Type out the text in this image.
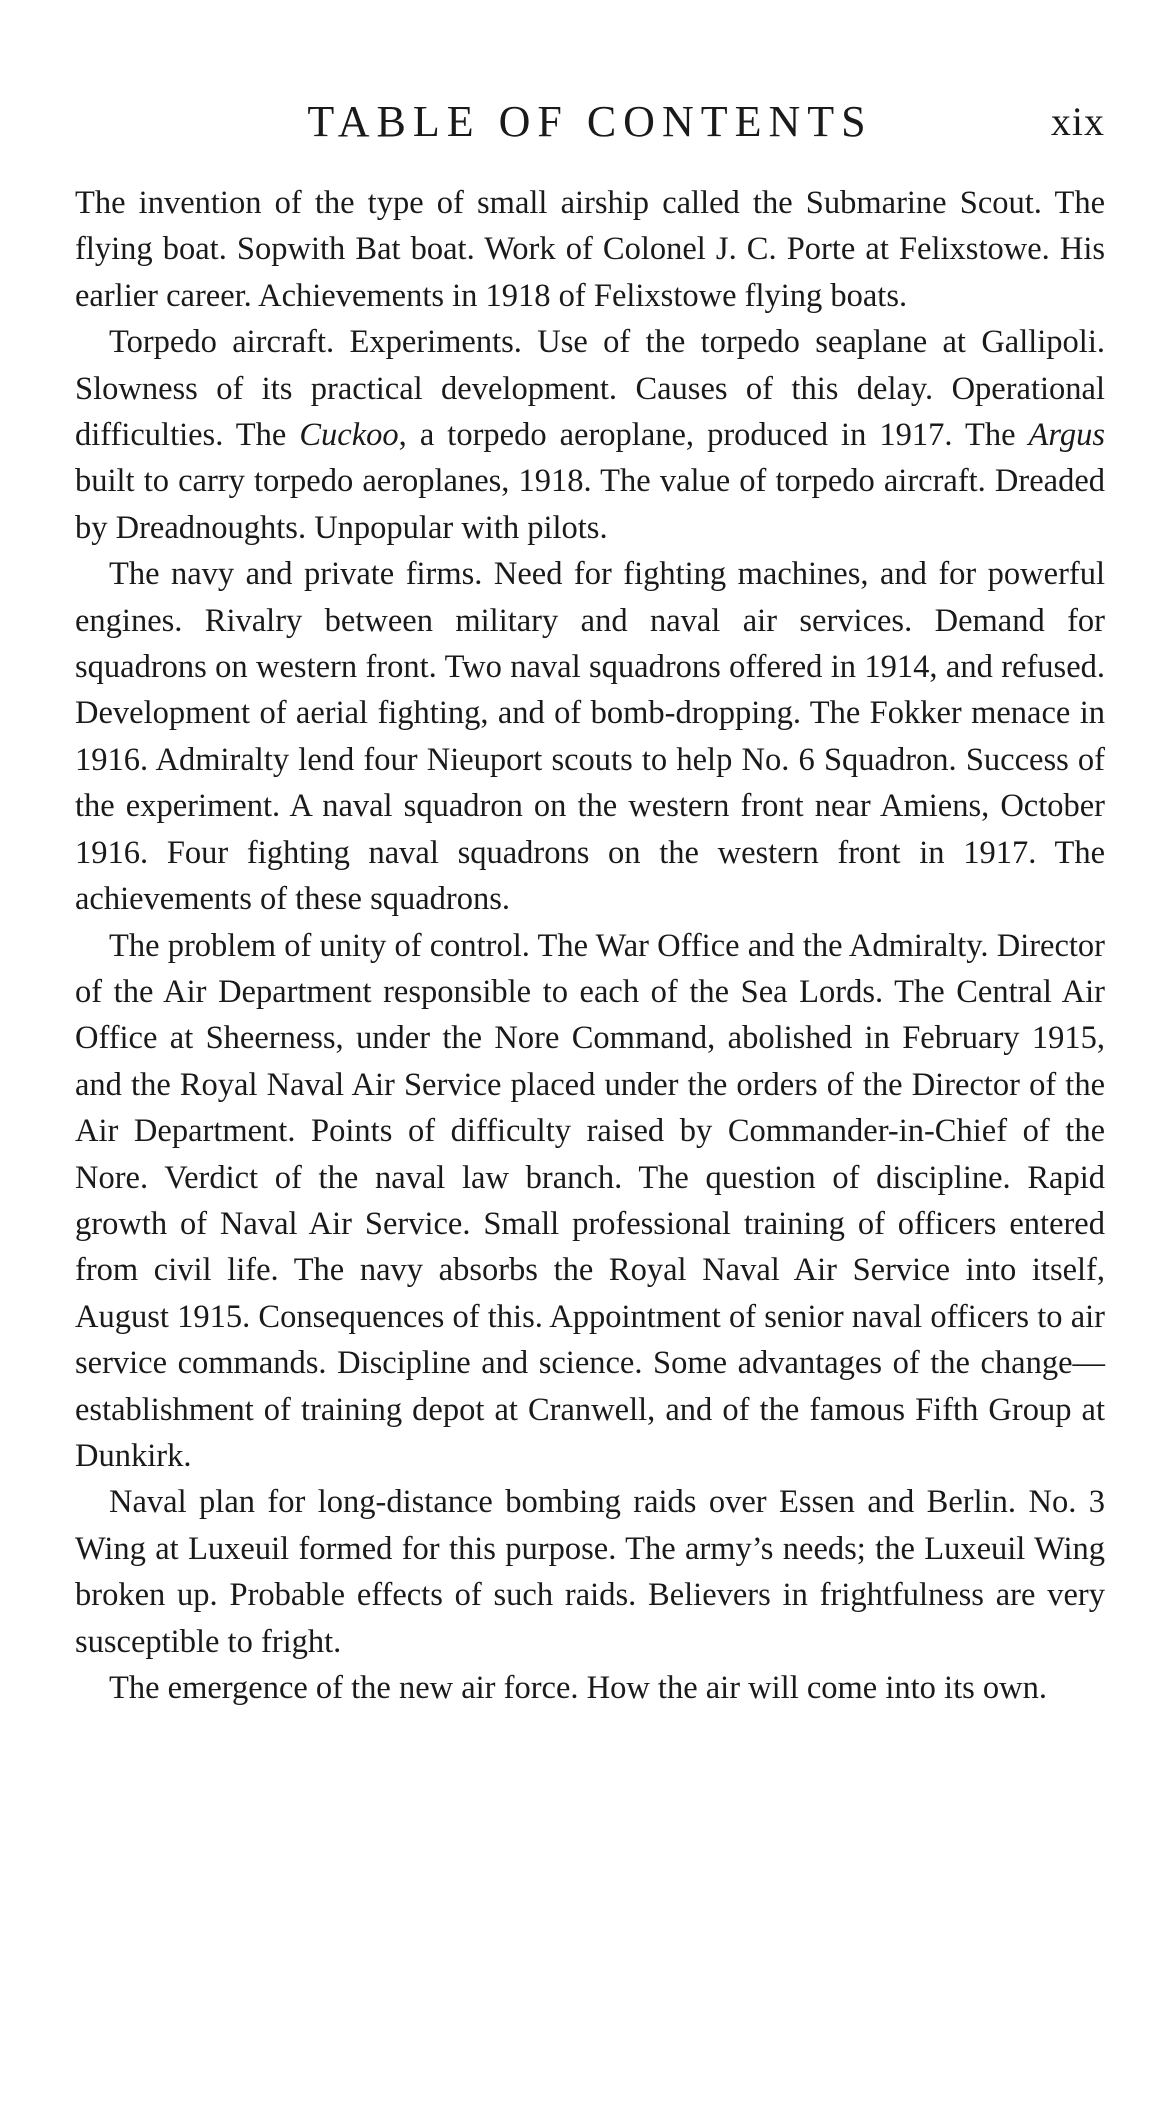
TABLE OF CONTENTS	xix

The invention of the type of small airship called the Submarine Scout. The flying boat. Sopwith Bat boat. Work of Colonel J. C. Porte at Felixstowe. His earlier career. Achievements in 1918 of Felixstowe flying boats.

Torpedo aircraft. Experiments. Use of the torpedo seaplane at Gallipoli. Slowness of its practical development. Causes of this delay. Operational difficulties. The Cuckoo, a torpedo aeroplane, produced in 1917. The Argus built to carry torpedo aeroplanes, 1918. The value of torpedo aircraft. Dreaded by Dreadnoughts. Unpopular with pilots.

The navy and private firms. Need for fighting machines, and for powerful engines. Rivalry between military and naval air services. Demand for squadrons on western front. Two naval squadrons offered in 1914, and refused. Development of aerial fighting, and of bomb-dropping. The Fokker menace in 1916. Admiralty lend four Nieuport scouts to help No. 6 Squadron. Success of the experiment. A naval squadron on the western front near Amiens, October 1916. Four fighting naval squadrons on the western front in 1917. The achievements of these squadrons.

The problem of unity of control. The War Office and the Admiralty. Director of the Air Department responsible to each of the Sea Lords. The Central Air Office at Sheerness, under the Nore Command, abolished in February 1915, and the Royal Naval Air Service placed under the orders of the Director of the Air Department. Points of difficulty raised by Commander-in-Chief of the Nore. Verdict of the naval law branch. The question of discipline. Rapid growth of Naval Air Service. Small professional training of officers entered from civil life. The navy absorbs the Royal Naval Air Service into itself, August 1915. Consequences of this. Appointment of senior naval officers to air service commands. Discipline and science. Some advantages of the change—establishment of training depot at Cranwell, and of the famous Fifth Group at Dunkirk.

Naval plan for long-distance bombing raids over Essen and Berlin. No. 3 Wing at Luxeuil formed for this purpose. The army’s needs; the Luxeuil Wing broken up. Probable effects of such raids. Believers in frightfulness are very susceptible to fright.

The emergence of the new air force. How the air will come into its own.
